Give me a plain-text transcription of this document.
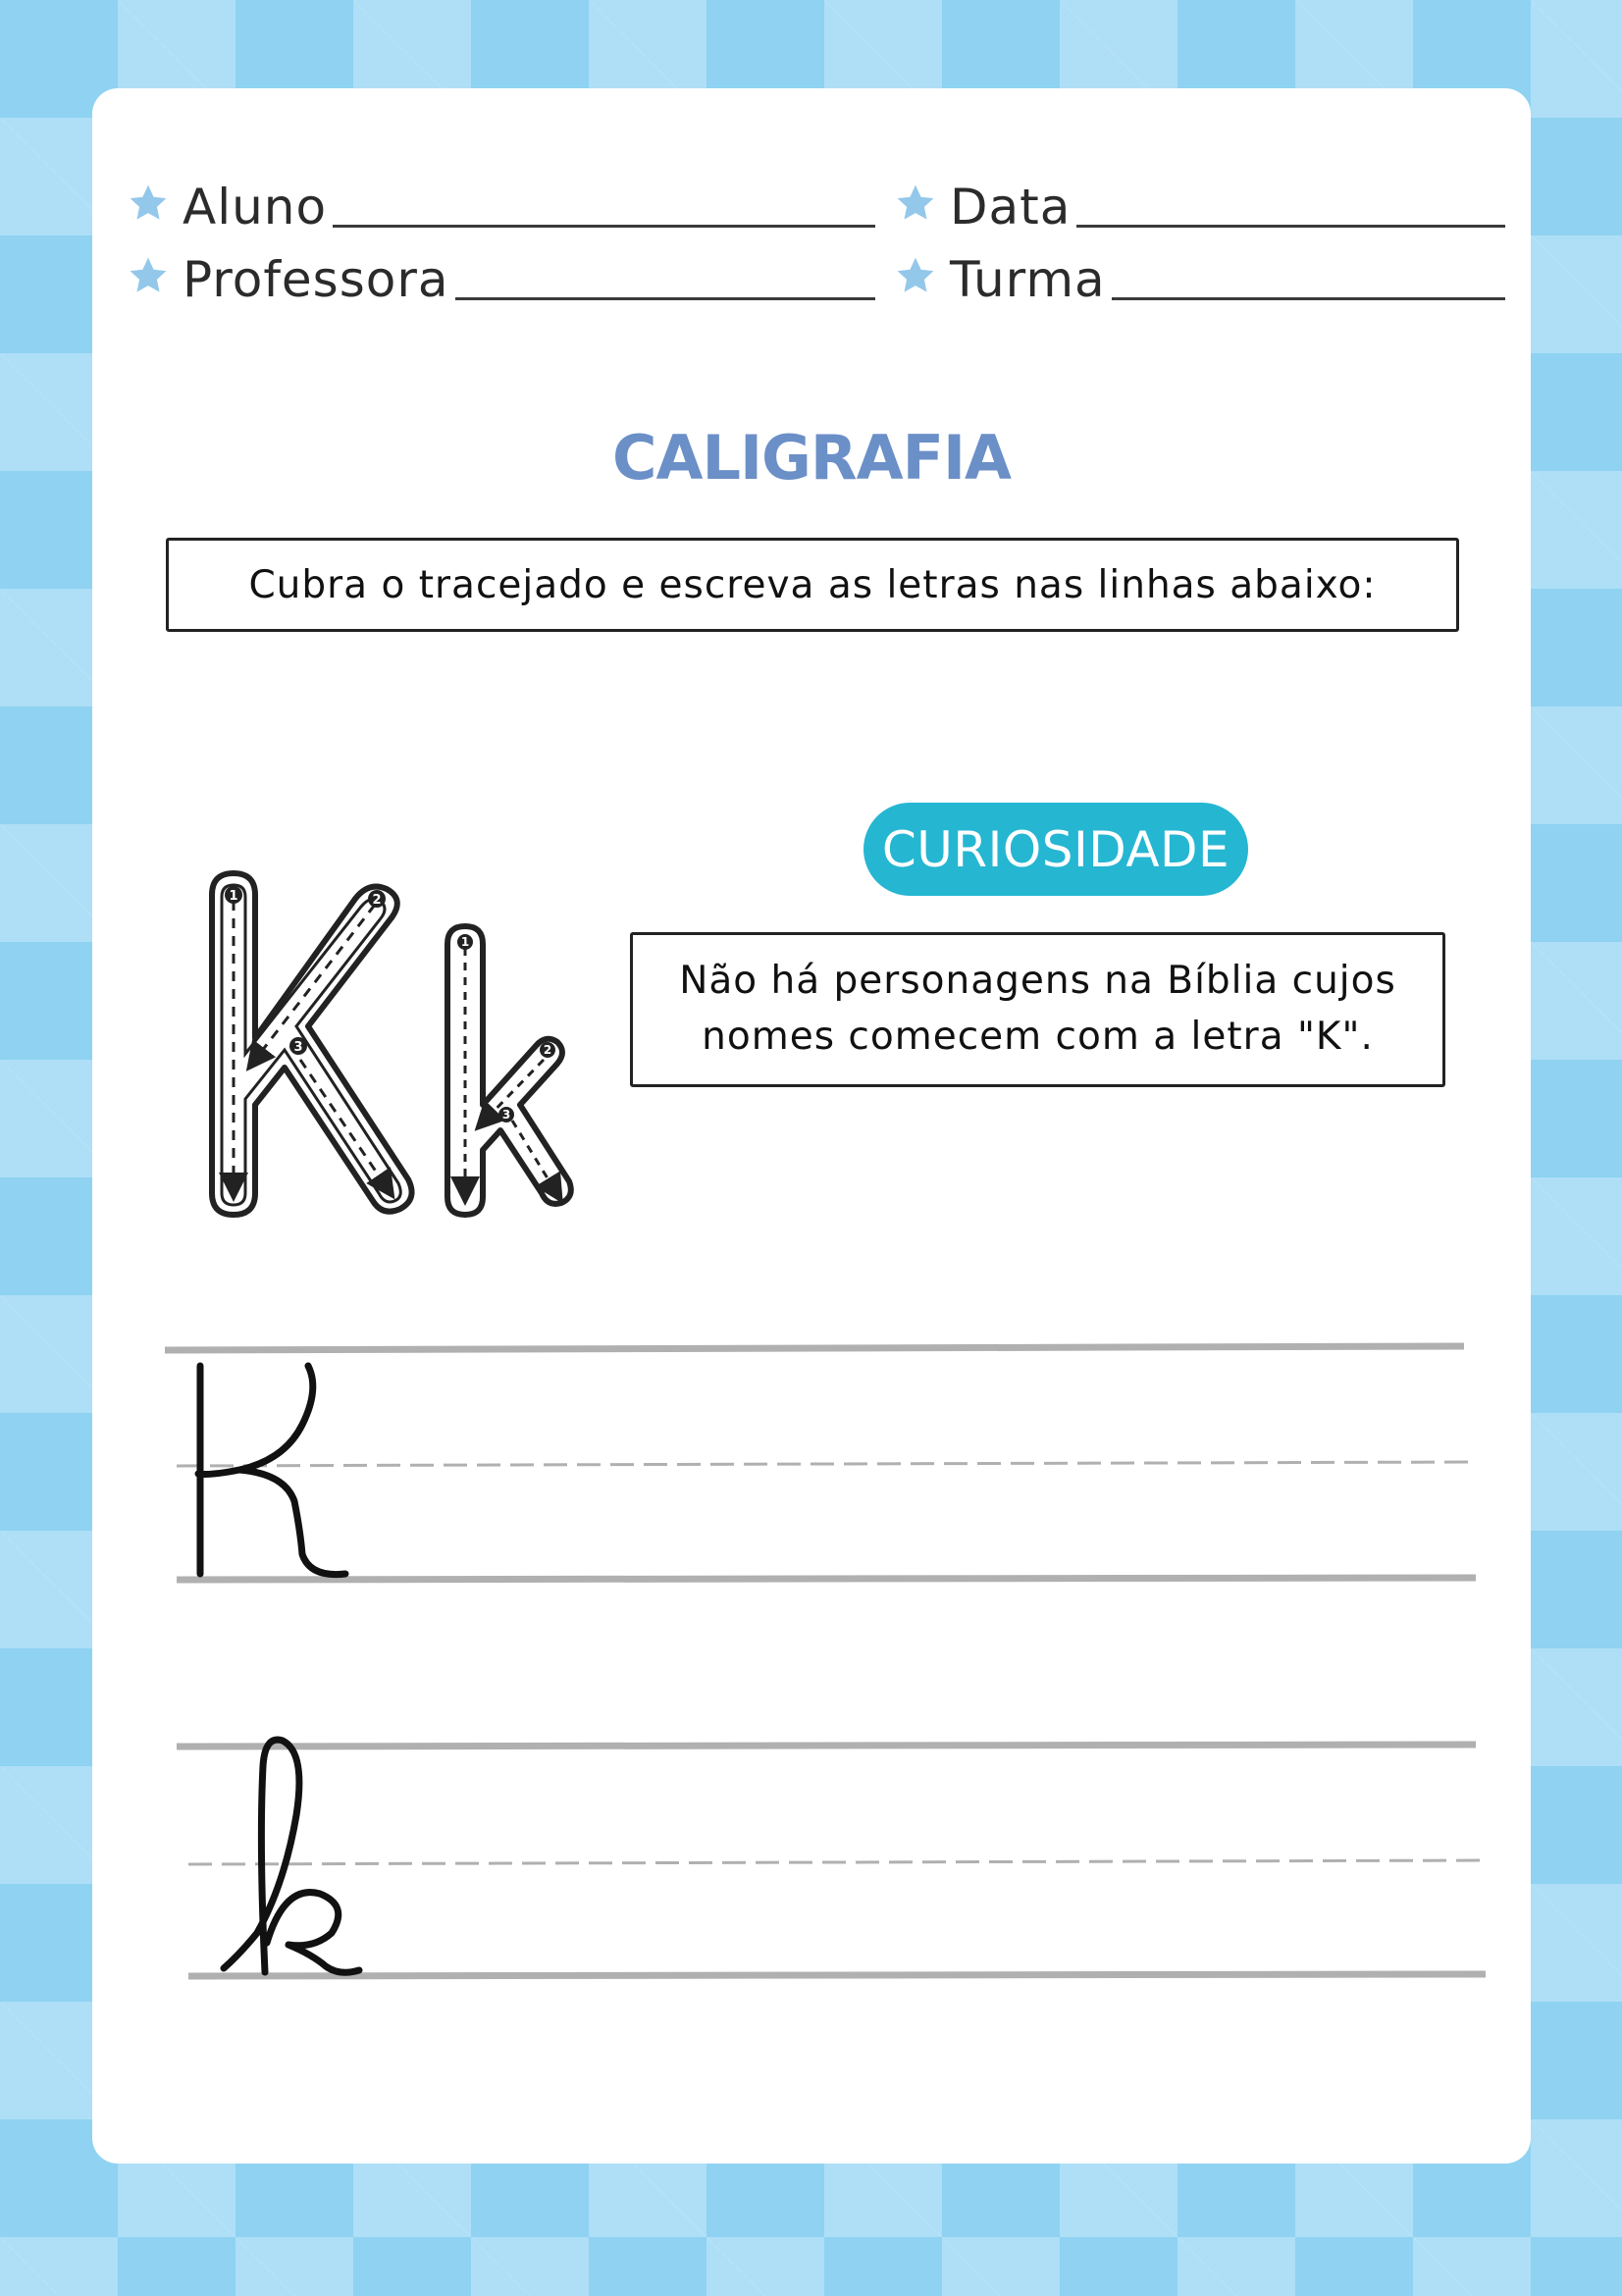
Aluno
Professora
Data
Turma
CALIGRAFIA
Cubra o tracejado e escreva as letras nas linhas abaixo:
CURIOSIDADE
Não há personagens na Bíblia cujos nomes comecem com a letra "K".
1	2
3
1
2
3
